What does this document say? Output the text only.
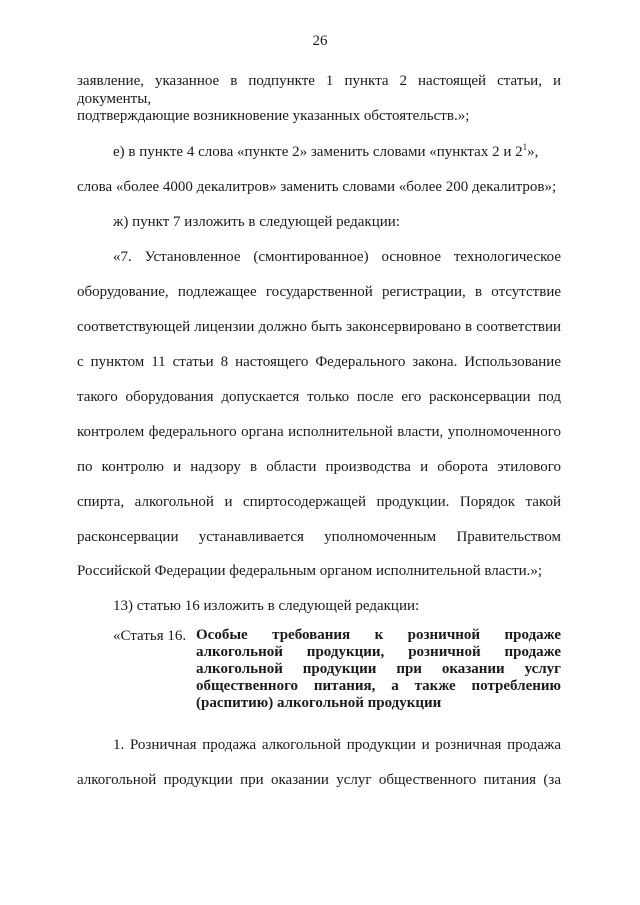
26
заявление, указанное в подпункте 1 пункта 2 настоящей статьи, и документы,
подтверждающие возникновение указанных обстоятельств.»;
е) в пункте 4 слова «пункте 2» заменить словами «пунктах 2 и $2^1$»,
слова «более 4000 декалитров» заменить словами «более 200 декалитров»;
ж) пункт 7 изложить в следующей редакции:
«7. Установленное (смонтированное) основное технологическое
оборудование, подлежащее государственной регистрации, в отсутствие
соответствующей лицензии должно быть законсервировано в соответствии
с пунктом 11 статьи 8 настоящего Федерального закона. Использование
такого оборудования допускается только после его расконсервации под
контролем федерального органа исполнительной власти, уполномоченного
по контролю и надзору в области производства и оборота этилового
спирта, алкогольной и спиртосодержащей продукции. Порядок такой
расконсервации устанавливается уполномоченным Правительством
Российской Федерации федеральным органом исполнительной власти.»;
13) статью 16 изложить в следующей редакции:
«Статья 16. Особые требования к розничной продаже
алкогольной продукции, розничной продаже
алкогольной продукции при оказании услуг
общественного питания, а также потреблению
(распитию) алкогольной продукции
1. Розничная продажа алкогольной продукции и розничная продажа
алкогольной продукции при оказании услуг общественного питания (за
